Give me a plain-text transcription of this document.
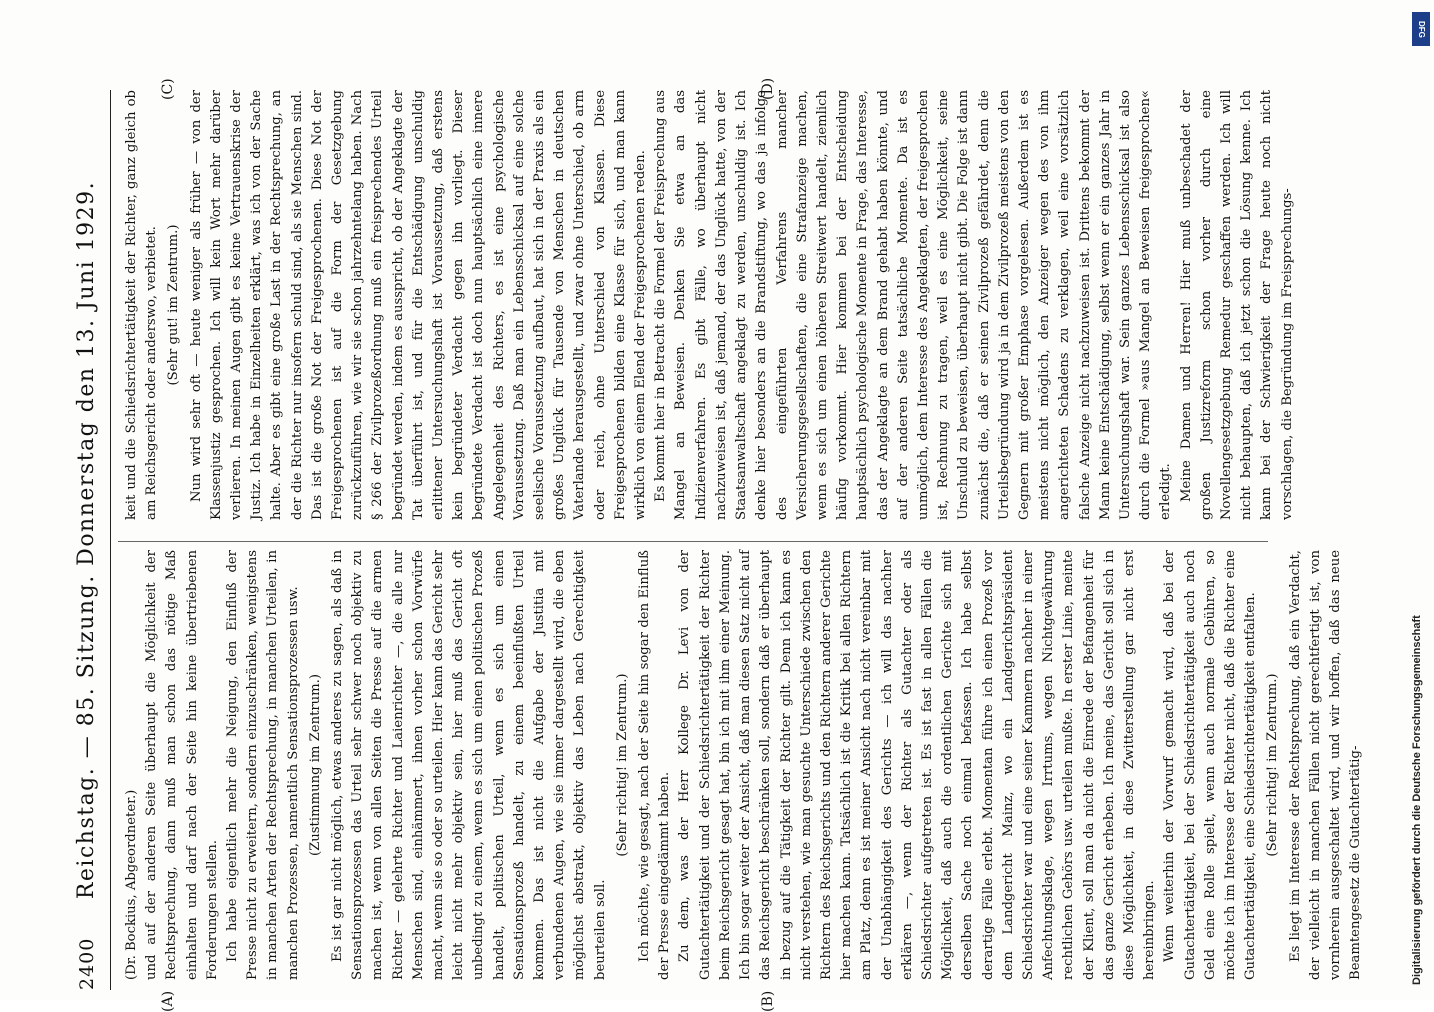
2400
Reichstag. — 85. Sitzung. Donnerstag den 13. Juni 1929. (Dr. Bockius, Abgeordneter.) und auf der anderen Seite überhaupt die Möglichkeit der Rechtsprechung, dann muß man schon das nötige Maß einhalten und darf nach der Seite hin keine übertriebenen Forderungen stellen. Ich habe eigentlich mehr die Neigung, den Einfluß der Presse nicht zu erweitern, sondern einzuschränken, wenigstens in manchen Arten der Rechtsprechung, in manchen Urteilen, in manchen Prozessen, namentlich Sensationsprozessen usw. (Zustimmung im Zentrum.) Es ist gar nicht möglich, etwas anderes zu sagen, als daß in Sensationsprozessen das Urteil sehr schwer noch objektiv zu machen ist, wenn von allen Seiten die Presse auf die armen Richter — gelehrte Richter und Laienrichter —, die alle nur Menschen sind, einhämmert, ihnen vorher schon Vorwürfe macht, wenn sie so oder so urteilen. Hier kann das Gericht sehr leicht nicht mehr objektiv sein, hier muß das Gericht oft unbedingt zu einem, wenn es sich um einen politischen Prozeß handelt, politischen Urteil, wenn es sich um einen Sensationsprozeß handelt, zu einem beeinflußten Urteil kommen. Das ist nicht die Aufgabe der Justitia mit verbundenen Augen, wie sie immer dargestellt wird, die eben möglichst abstrakt, objektiv das Leben nach Gerechtigkeit beurteilen soll.

(Sehr richtig! im Zentrum.) Ich möchte, wie gesagt, nach der Seite hin sogar den Einfluß der Presse eingedämmt haben. Zu dem, was der Herr Kollege Dr. Levi von der Gutachtertätigkeit und der Schiedsrichtertätigkeit der Richter beim Reichsgericht gesagt hat, bin ich mit ihm einer Meinung. Ich bin sogar weiter der Ansicht, daß man diesen Satz nicht auf das Reichsgericht beschränken soll, sondern daß er überhaupt in bezug auf die Tätigkeit der Richter gilt. Denn ich kann es nicht verstehen, wie man gesuchte Unterschiede zwischen den Richtern des Reichsgerichts und den Richtern anderer Gerichte hier machen kann. Tatsächlich ist die Kritik bei allen Richtern am Platz, denn es ist meiner Ansicht nach nicht vereinbar mit der Unabhängigkeit des Gerichts — ich will das nachher erklären —, wenn der Richter als Gutachter oder als Schiedsrichter aufgetreten ist. Es ist fast in allen Fällen die Möglichkeit, daß auch die ordentlichen Gerichte sich mit derselben Sache noch einmal befassen. Ich habe selbst derartige Fälle erlebt. Momentan führe ich einen Prozeß vor dem Landgericht Mainz, wo ein Landgerichtspräsident Schiedsrichter war und eine seiner Kammern nachher in einer Anfechtungsklage, wegen Irrtums, wegen Nichtgewährung rechtlichen Gehörs usw. urteilen mußte. In erster Linie, meinte der Klient, soll man da nicht die Einrede der Befangenheit für das ganze Gericht erheben. Ich meine, das Gericht soll sich in diese Möglichkeit, in diese Zwitterstellung gar nicht erst hereinbringen. Wenn weiterhin der Vorwurf gemacht wird, daß bei der Gutachtertätigkeit, bei der Schiedsrichtertätigkeit auch noch Geld eine Rolle spielt, wenn auch normale Gebühren, so möchte ich im Interesse der Richter nicht, daß die Richter eine Gutachtertätigkeit, eine Schiedsrichtertätigkeit entfalten. (Sehr richtig! im Zentrum.) Es liegt im Interesse der Rechtsprechung, daß ein Verdacht, der vielleicht in manchen Fällen nicht gerechtfertigt ist, von vornherein ausgeschaltet wird, und wir hoffen, daß das neue Beamtengesetz die Gutachtertätig-

keit und die Schiedsrichtertätigkeit der Richter, ganz gleich ob am Reichsgericht oder anderswo, verbietet. (Sehr gut! im Zentrum.) Nun wird sehr oft — heute weniger als früher — von der Klassenjustiz gesprochen. Ich will kein Wort mehr darüber verlieren. In meinen Augen gibt es keine Vertrauenskrise der Justiz. Ich habe in Einzelheiten erklärt, was ich von der Sache halte. Aber es gibt eine große Last in der Rechtsprechung, an der die Richter nur insofern schuld sind, als sie Menschen sind. Das ist die große Not der Freigesprochenen. Diese Not der Freigesprochenen ist auf die Form der Gesetzgebung zurückzuführen, wie wir sie schon jahrzehntelang haben. Nach § 266 der Zivilprozeßordnung muß ein freisprechendes Urteil begründet werden, indem es ausspricht, ob der Angeklagte der Tat überführt ist, und für die Entschädigung unschuldig erlittener Untersuchungshaft ist Voraussetzung, daß erstens kein begründeter Verdacht gegen ihn vorliegt. Dieser begründete Verdacht ist doch nun hauptsächlich eine innere Angelegenheit des Richters, es ist eine psychologische Voraussetzung. Daß man ein Lebensschicksal auf eine solche seelische Voraussetzung aufbaut, hat sich in der Praxis als ein großes Unglück für Tausende von Menschen in deutschen Vaterlande herausgestellt, und zwar ohne Unterschied, ob arm oder reich, ohne Unterschied von Klassen. Diese Freigesprochenen bilden eine Klasse für sich, und man kann wirklich von einem Elend der Freigesprochenen reden. Es kommt hier in Betracht die Formel der Freisprechung aus Mangel an Beweisen. Denken Sie etwa an das Indizienverfahren. Es gibt Fälle, wo überhaupt nicht nachzuweisen ist, daß jemand, der das Unglück hatte, von der Staatsanwaltschaft angeklagt zu werden, unschuldig ist. Ich denke hier besonders an die Brandstiftung, wo das ja infolge des eingeführten Verfahrens mancher Versicherungsgesellschaften, die eine Strafanzeige machen, wenn es sich um einen höheren Streitwert handelt, ziemlich häufig vorkommt. Hier kommen bei der Entscheidung hauptsächlich psychologische Momente in Frage, das Interesse, das der Angeklagte an dem Brand gehabt haben könnte, und auf der anderen Seite tatsächliche Momente. Da ist es unmöglich, dem Interesse des Angeklagten, der freigesprochen ist, Rechnung zu tragen, weil es eine Möglichkeit, seine Unschuld zu beweisen, überhaupt nicht gibt. Die Folge ist dann zunächst die, daß er seinen Zivilprozeß gefährdet, denn die Urteilsbegründung wird ja in dem Zivilprozeß meistens von den Gegnern mit großer Emphase vorgelesen. Außerdem ist es meistens nicht möglich, den Anzeiger wegen des von ihm angerichteten Schadens zu verklagen, weil eine vorsätzlich falsche Anzeige nicht nachzuweisen ist. Drittens bekommt der Mann keine Entschädigung, selbst wenn er ein ganzes Jahr in Untersuchungshaft war. Sein ganzes Lebensschicksal ist also durch die Formel »aus Mangel an Beweisen freigesprochen« erledigt. Meine Damen und Herren! Hier muß unbeschadet der großen Justizreform schon vorher durch eine Novellengesetzgebung Remedur geschaffen werden. Ich will nicht behaupten, daß ich jetzt schon die Lösung kenne. Ich kann bei der Schwierigkeit der Frage heute noch nicht vorschlagen, die Begründung im Freisprechungs-

(A)	(B)
(C)	(D)
DFG
Digitalisierung gefördert durch die Deutsche Forschungsgemeinschaft
